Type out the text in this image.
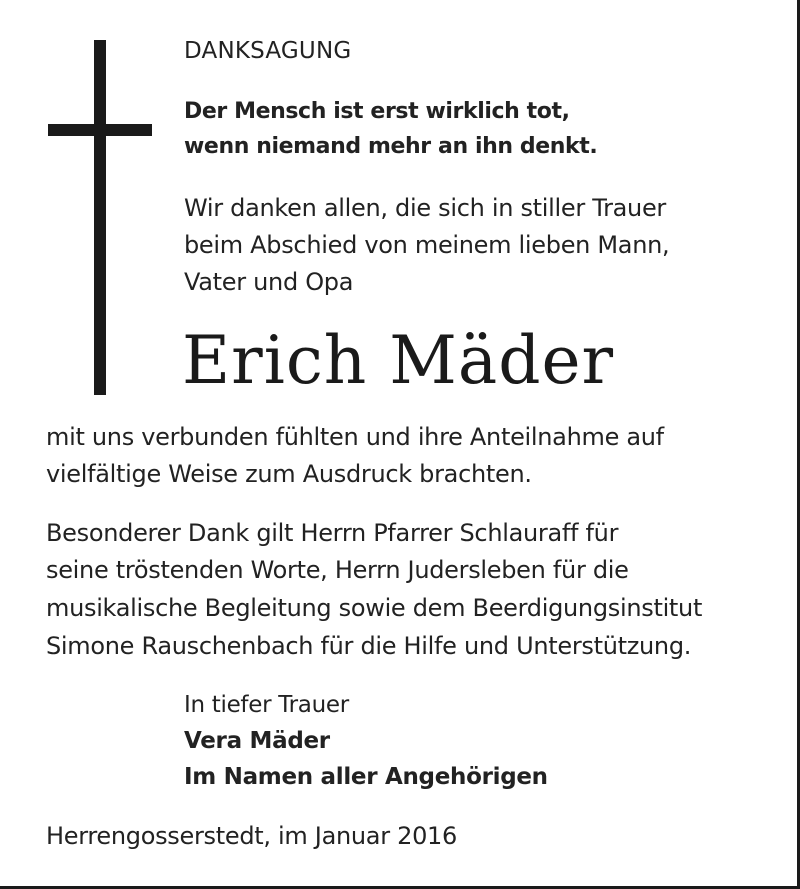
DANKSAGUNG
Der Mensch ist erst wirklich tot,
wenn niemand mehr an ihn denkt.
Wir danken allen, die sich in stiller Trauer
beim Abschied von meinem lieben Mann,
Vater und Opa
Erich Mäder
mit uns verbunden fühlten und ihre Anteilnahme auf
vielfältige Weise zum Ausdruck brachten.
Besonderer Dank gilt Herrn Pfarrer Schlauraff für
seine tröstenden Worte, Herrn Judersleben für die
musikalische Begleitung sowie dem Beerdigungsinstitut
Simone Rauschenbach für die Hilfe und Unterstützung.
In tiefer Trauer
Vera Mäder
Im Namen aller Angehörigen
Herrengosserstedt, im Januar 2016
